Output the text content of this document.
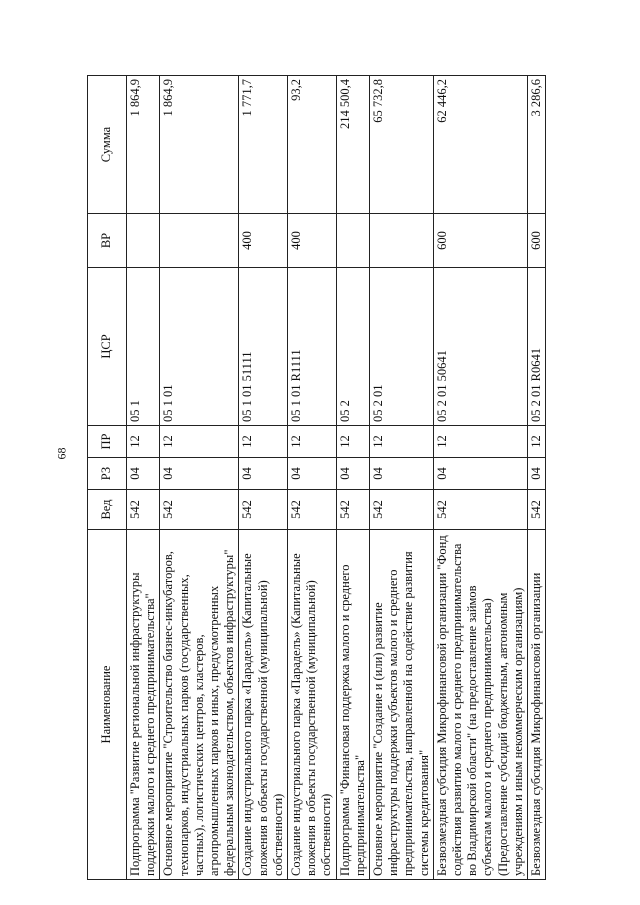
68
Наименование	Вед	РЗ	ПР	ЦСР	ВР	Сумма
Подпрограмма "Развитие региональной инфраструктуры поддержки малого и среднего предпринимательства"	542	04	12	05 1		1 864,9
Основное мероприятие "Строительство бизнес-инкубаторов, технопарков, индустриальных парков (государственных, частных), логистических центров, кластеров, агропромышленных парков и иных, предусмотренных федеральным законодательством, объектов инфраструктуры"	542	04	12	05 1 01		1 864,9
Создание индустриального парка «Параделъ» (Капитальные вложения в объекты государственной (муниципальной) собственности)	542	04	12	05 1 01 51111	400	1 771,7
Создание индустриального парка «Параделъ» (Капитальные вложения в объекты государственной (муниципальной) собственности)	542	04	12	05 1 01 R1111	400	93,2
Подпрограмма "Финансовая поддержка малого и среднего предпринимательства"	542	04	12	05 2		214 500,4
Основное мероприятие "Создание и (или) развитие инфраструктуры поддержки субъектов малого и среднего предпринимательства, направленной на содействие развития системы кредитования"	542	04	12	05 2 01		65 732,8
Безвозмездная субсидия Микрофинансовой организации "Фонд содействия развитию малого и среднего предпринимательства во Владимирской области" (на предоставление займов субъектам малого и среднего предпринимательства) (Предоставление субсидий бюджетным, автономным учреждениям и иным некоммерческим организациям)	542	04	12	05 2 01 50641	600	62 446,2
Безвозмездная субсидия Микрофинансовой организации	542	04	12	05 2 01 R0641	600	3 286,6
